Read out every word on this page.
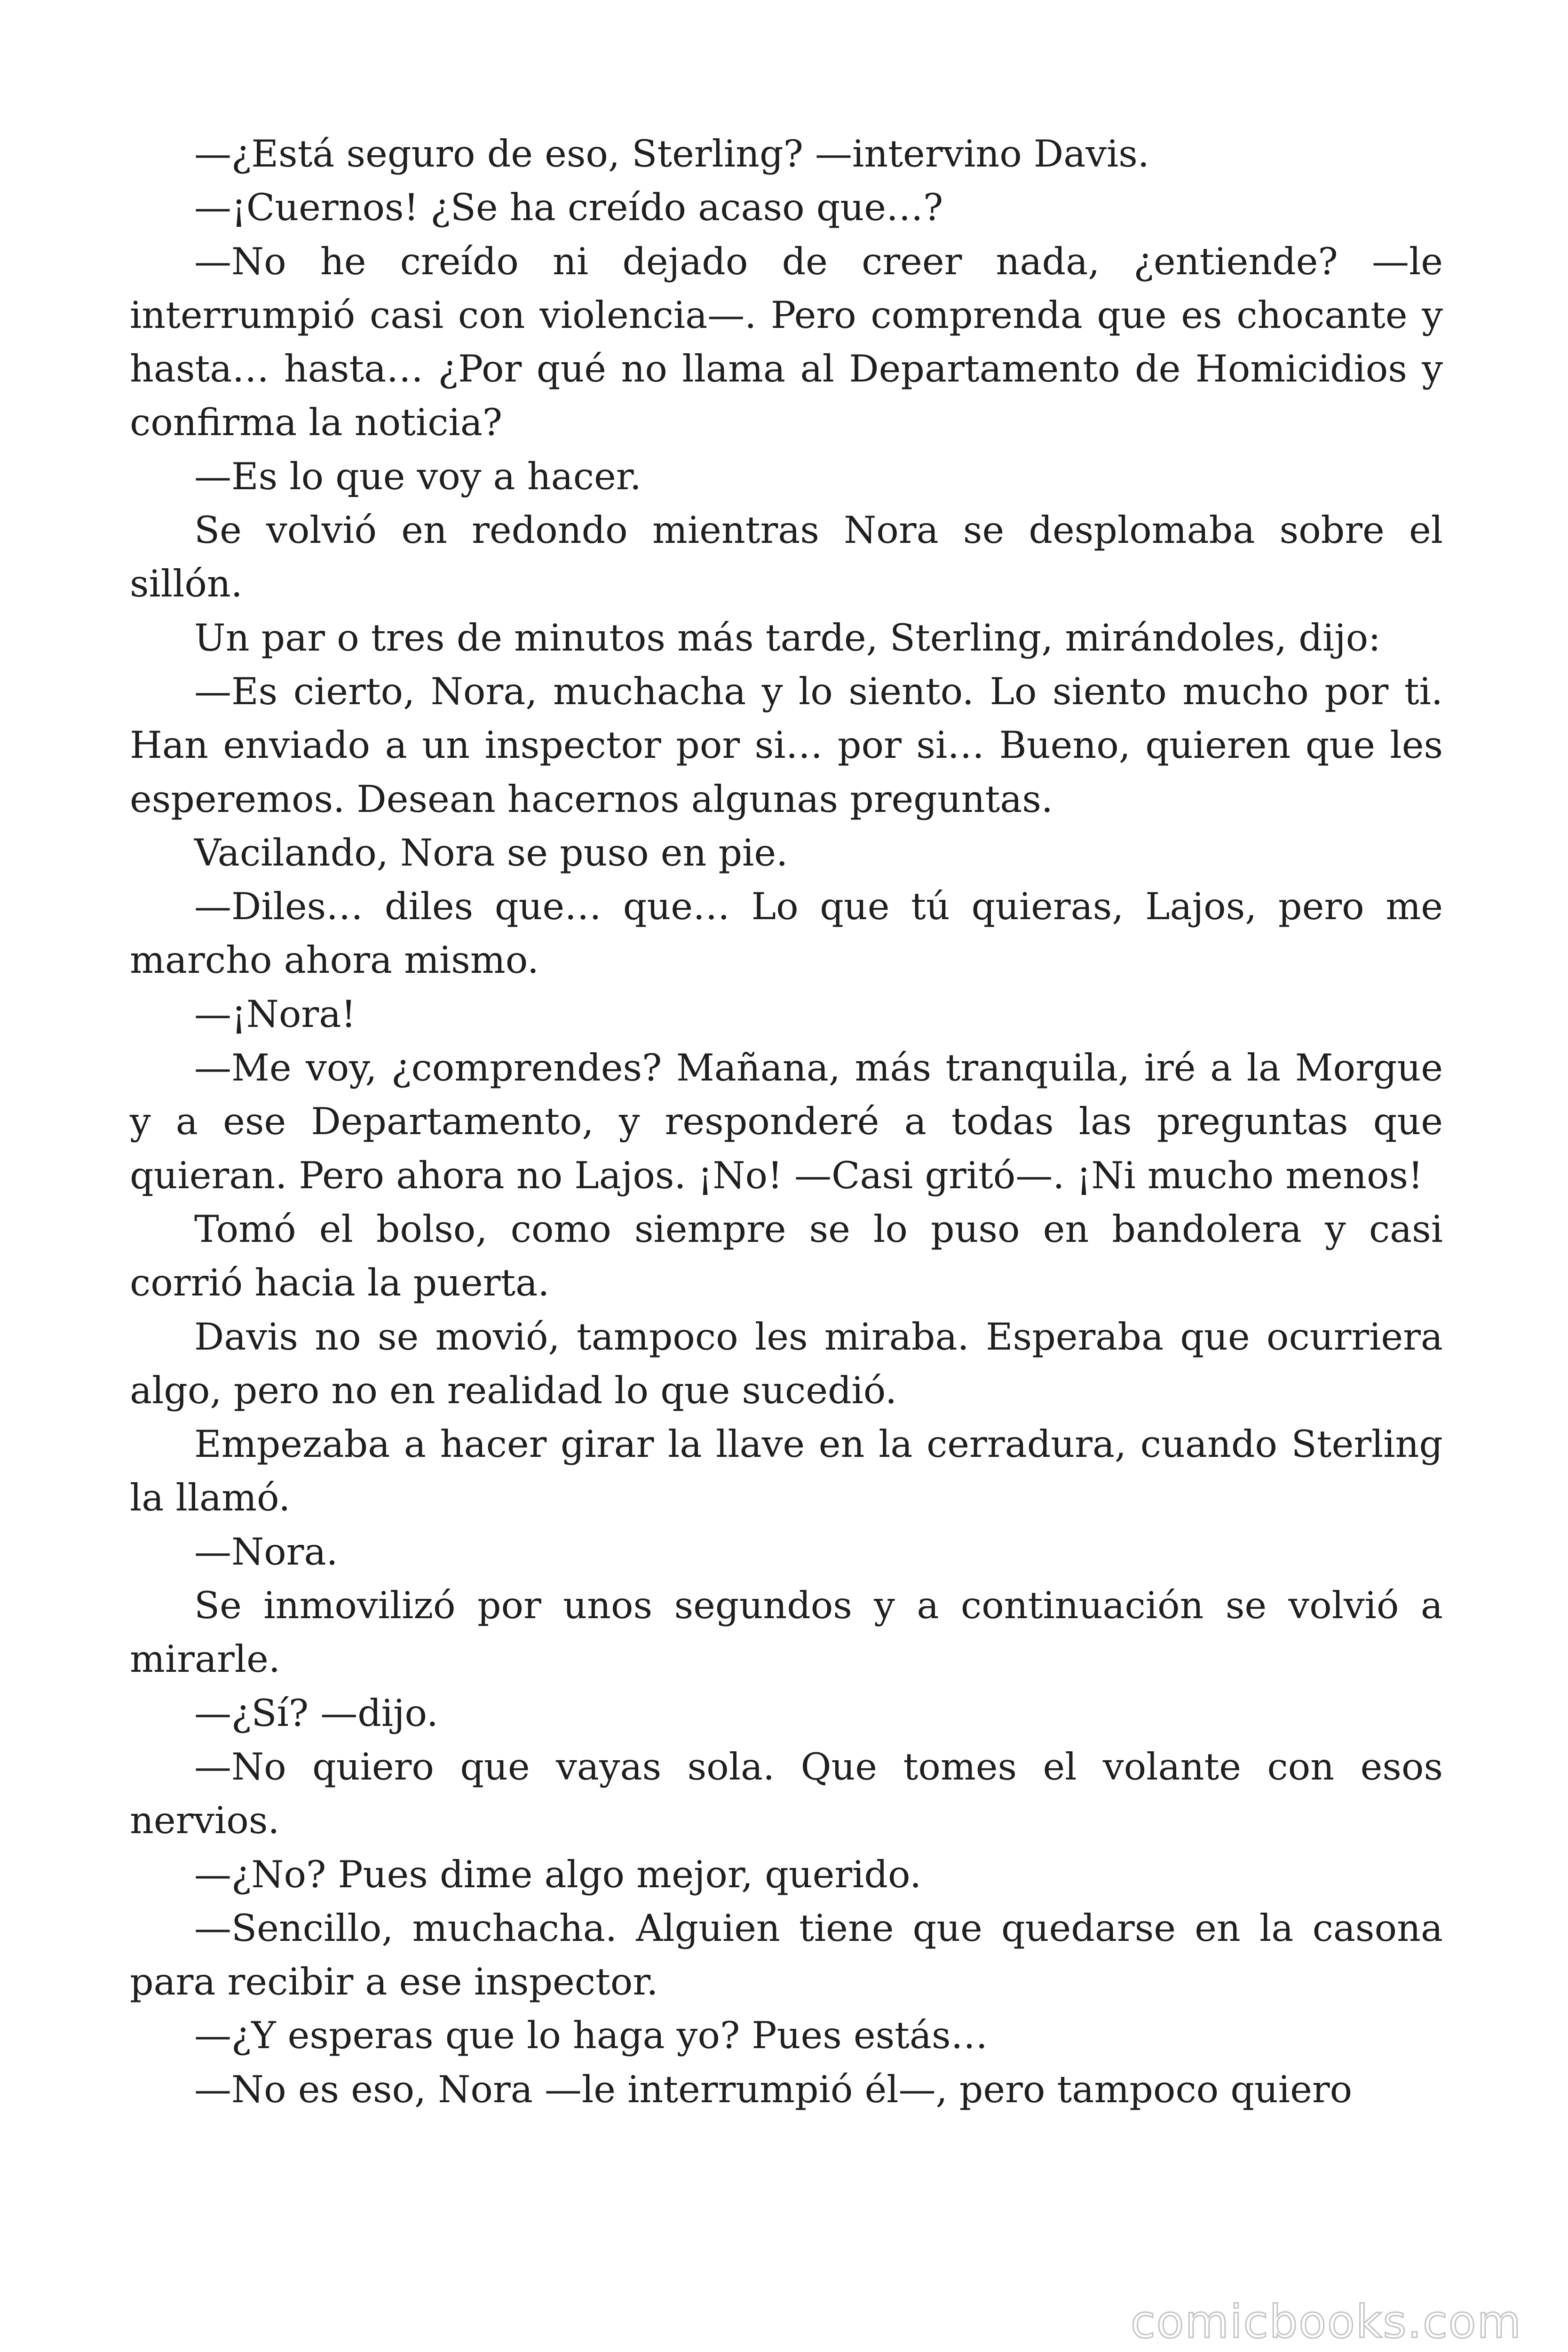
—¿Está seguro de eso, Sterling? —intervino Davis.

—¡Cuernos! ¿Se ha creído acaso que…?

—No he creído ni dejado de creer nada, ¿entiende? —le interrumpió casi con violencia—. Pero comprenda que es chocante y hasta… hasta… ¿Por qué no llama al Departamento de Homicidios y confirma la noticia?

—Es lo que voy a hacer.

Se volvió en redondo mientras Nora se desplomaba sobre el sillón.

Un par o tres de minutos más tarde, Sterling, mirándoles, dijo:

—Es cierto, Nora, muchacha y lo siento. Lo siento mucho por ti. Han enviado a un inspector por si… por si… Bueno, quieren que les esperemos. Desean hacernos algunas preguntas.

Vacilando, Nora se puso en pie.

—Diles… diles que… que… Lo que tú quieras, Lajos, pero me marcho ahora mismo.

—¡Nora!

—Me voy, ¿comprendes? Mañana, más tranquila, iré a la Morgue y a ese Departamento, y responderé a todas las preguntas que quieran. Pero ahora no Lajos. ¡No! —Casi gritó—. ¡Ni mucho menos!

Tomó el bolso, como siempre se lo puso en bandolera y casi corrió hacia la puerta.

Davis no se movió, tampoco les miraba. Esperaba que ocurriera algo, pero no en realidad lo que sucedió.

Empezaba a hacer girar la llave en la cerradura, cuando Sterling la llamó.

—Nora.

Se inmovilizó por unos segundos y a continuación se volvió a mirarle.

—¿Sí? —dijo.

—No quiero que vayas sola. Que tomes el volante con esos nervios.

—¿No? Pues dime algo mejor, querido.

—Sencillo, muchacha. Alguien tiene que quedarse en la casona para recibir a ese inspector.

—¿Y esperas que lo haga yo? Pues estás…

—No es eso, Nora —le interrumpió él—, pero tampoco quiero

comicbooks.com
